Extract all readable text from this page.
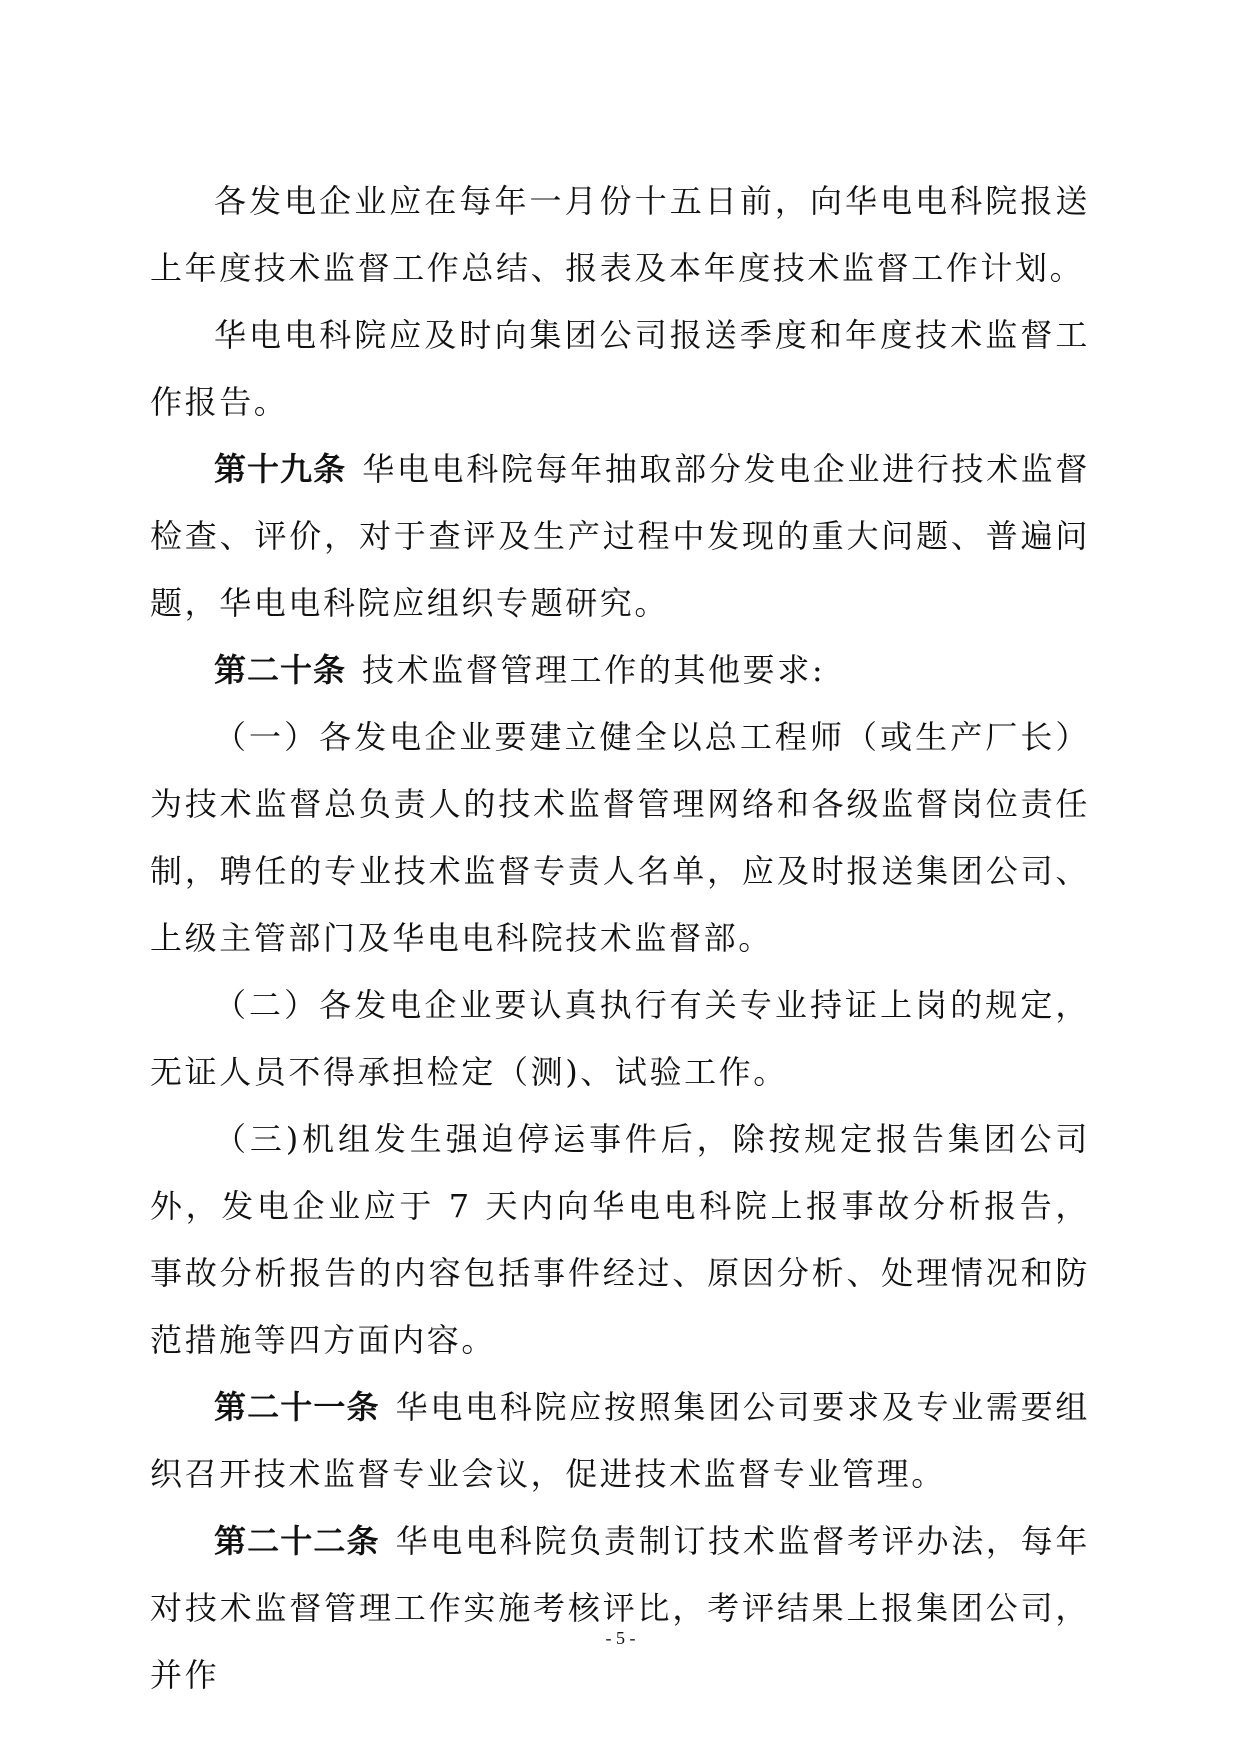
各发电企业应在每年一月份十五日前，向华电电科院报送上年度技术监督工作总结、报表及本年度技术监督工作计划。

华电电科院应及时向集团公司报送季度和年度技术监督工作报告。

第十九条 华电电科院每年抽取部分发电企业进行技术监督检查、评价，对于查评及生产过程中发现的重大问题、普遍问题，华电电科院应组织专题研究。

第二十条 技术监督管理工作的其他要求:

（一）各发电企业要建立健全以总工程师（或生产厂长）为技术监督总负责人的技术监督管理网络和各级监督岗位责任制，聘任的专业技术监督专责人名单，应及时报送集团公司、上级主管部门及华电电科院技术监督部。

（二）各发电企业要认真执行有关专业持证上岗的规定，无证人员不得承担检定（测)、试验工作。

（三)机组发生强迫停运事件后，除按规定报告集团公司外，发电企业应于 7 天内向华电电科院上报事故分析报告，事故分析报告的内容包括事件经过、原因分析、处理情况和防范措施等四方面内容。

第二十一条 华电电科院应按照集团公司要求及专业需要组织召开技术监督专业会议，促进技术监督专业管理。

第二十二条 华电电科院负责制订技术监督考评办法，每年对技术监督管理工作实施考核评比，考评结果上报集团公司，并作

- 5 -
